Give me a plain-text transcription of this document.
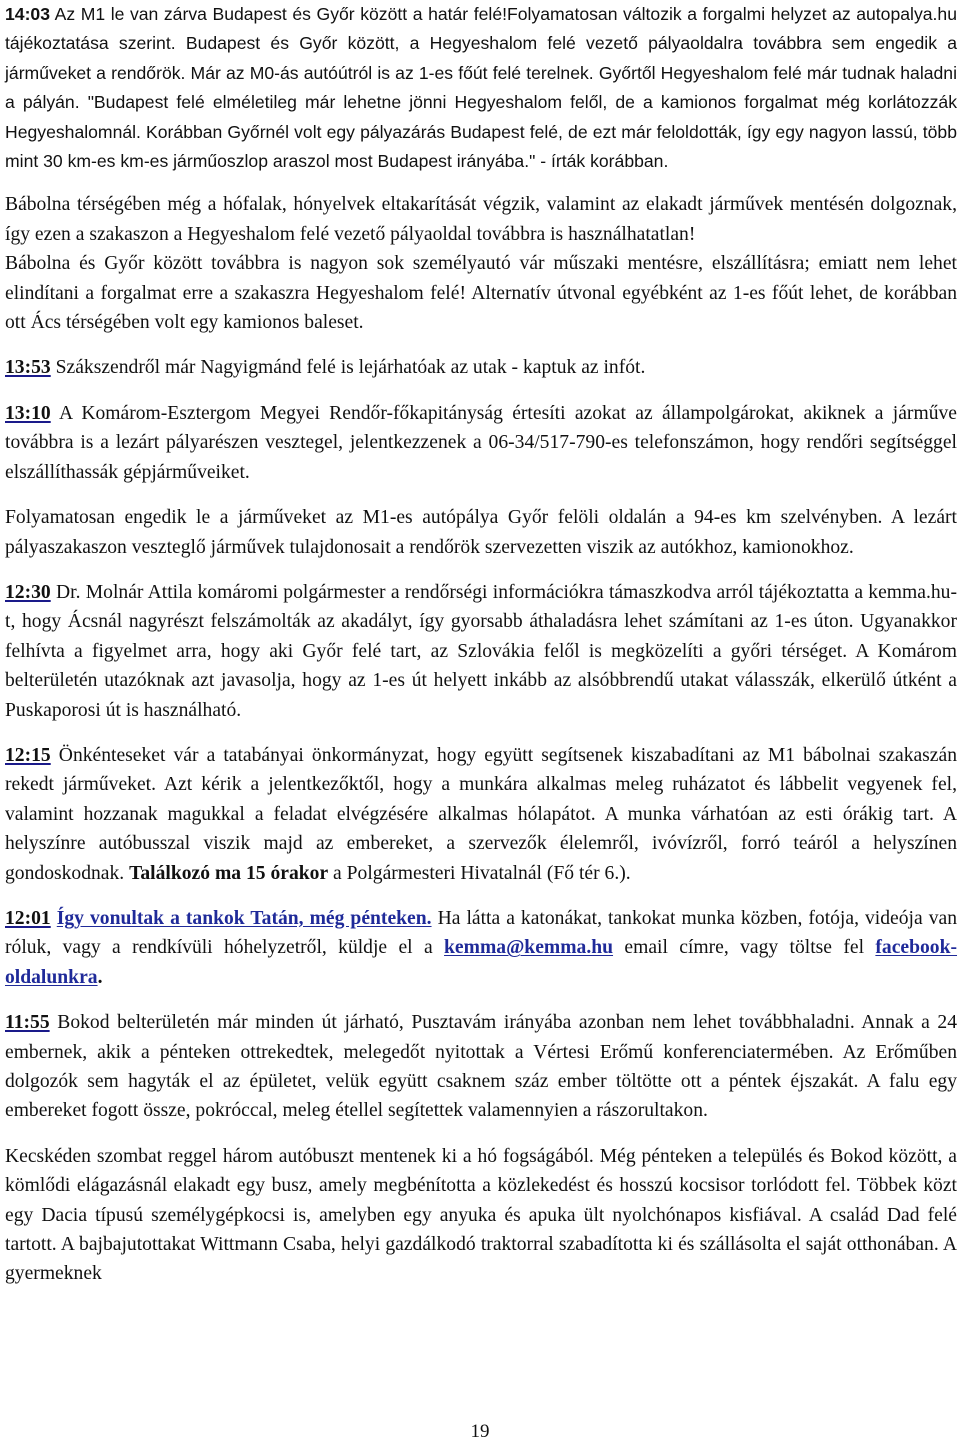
14:03 Az M1 le van zárva Budapest és Győr között a határ felé!Folyamatosan változik a forgalmi helyzet az autopalya.hu tájékoztatása szerint. Budapest és Győr között, a Hegyeshalom felé vezető pályaoldalra továbbra sem engedik a járműveket a rendőrök. Már az M0-ás autóútról is az 1-es főút felé terelnek. Győrtől Hegyeshalom felé már tudnak haladni a pályán. "Budapest felé elméletileg már lehetne jönni Hegyeshalom felől, de a kamionos forgalmat még korlátozzák Hegyeshalomnál. Korábban Győrnél volt egy pályazárás Budapest felé, de ezt már feloldották, így egy nagyon lassú, több mint 30 km-es km-es járműoszlop araszol most Budapest irányába." - írták korábban.

Bábolna térségében még a hófalak, hónyelvek eltakarítását végzik, valamint az elakadt járművek mentésén dolgoznak, így ezen a szakaszon a Hegyeshalom felé vezető pályaoldal továbbra is használhatatlan!

Bábolna és Győr között továbbra is nagyon sok személyautó vár műszaki mentésre, elszállításra; emiatt nem lehet elindítani a forgalmat erre a szakaszra Hegyeshalom felé! Alternatív útvonal egyébként az 1-es főút lehet, de korábban ott Ács térségében volt egy kamionos baleset.

13:53 Szákszendről már Nagyigmánd felé is lejárhatóak az utak - kaptuk az infót.

13:10 A Komárom-Esztergom Megyei Rendőr-főkapitányság értesíti azokat az állampolgárokat, akiknek a járműve továbbra is a lezárt pályarészen vesztegel, jelentkezzenek a 06-34/517-790-es telefonszámon, hogy rendőri segítséggel elszállíthassák gépjárműveiket.

Folyamatosan engedik le a járműveket az M1-es autópálya Győr felöli oldalán a 94-es km szelvényben. A lezárt pályaszakaszon veszteglő járművek tulajdonosait a rendőrök szervezetten viszik az autókhoz, kamionokhoz.

12:30 Dr. Molnár Attila komáromi polgármester a rendőrségi információkra támaszkodva arról tájékoztatta a kemma.hu-t, hogy Ácsnál nagyrészt felszámolták az akadályt, így gyorsabb áthaladásra lehet számítani az 1-es úton. Ugyanakkor felhívta a figyelmet arra, hogy aki Győr felé tart, az Szlovákia felől is megközelíti a győri térséget. A Komárom belterületén utazóknak azt javasolja, hogy az 1-es út helyett inkább az alsóbbrendű utakat válasszák, elkerülő útként a Puskaporosi út is használható.

12:15 Önkénteseket vár a tatabányai önkormányzat, hogy együtt segítsenek kiszabadítani az M1 bábolnai szakaszán rekedt járműveket. Azt kérik a jelentkezőktől, hogy a munkára alkalmas meleg ruházatot és lábbelit vegyenek fel, valamint hozzanak magukkal a feladat elvégzésére alkalmas hólapátot. A munka várhatóan az esti órákig tart. A helyszínre autóbusszal viszik majd az embereket, a szervezők élelemről, ivóvízről, forró teáról a helyszínen gondoskodnak. Találkozó ma 15 órakor a Polgármesteri Hivatalnál (Fő tér 6.).

12:01 Így vonultak a tankok Tatán, még pénteken. Ha látta a katonákat, tankokat munka közben, fotója, videója van róluk, vagy a rendkívüli hóhelyzetről, küldje el a kemma@kemma.hu email címre, vagy töltse fel facebook-oldalunkra.

11:55 Bokod belterületén már minden út járható, Pusztavám irányába azonban nem lehet továbbhaladni. Annak a 24 embernek, akik a pénteken ottrekedtek, melegedőt nyitottak a Vértesi Erőmű konferenciatermében. Az Erőműben dolgozók sem hagyták el az épületet, velük együtt csaknem száz ember töltötte ott a péntek éjszakát. A falu egy embereket fogott össze, pokróccal, meleg étellel segítettek valamennyien a rászorultakon.

Kecskéden szombat reggel három autóbuszt mentenek ki a hó fogságából. Még pénteken a település és Bokod között, a kömlődi elágazásnál elakadt egy busz, amely megbénította a közlekedést és hosszú kocsisor torlódott fel. Többek közt egy Dacia típusú személygépkocsi is, amelyben egy anyuka és apuka ült nyolchónapos kisfiával. A család Dad felé tartott. A bajbajutottakat Wittmann Csaba, helyi gazdálkodó traktorral szabadította ki és szállásolta el saját otthonában. A gyermeknek

19
